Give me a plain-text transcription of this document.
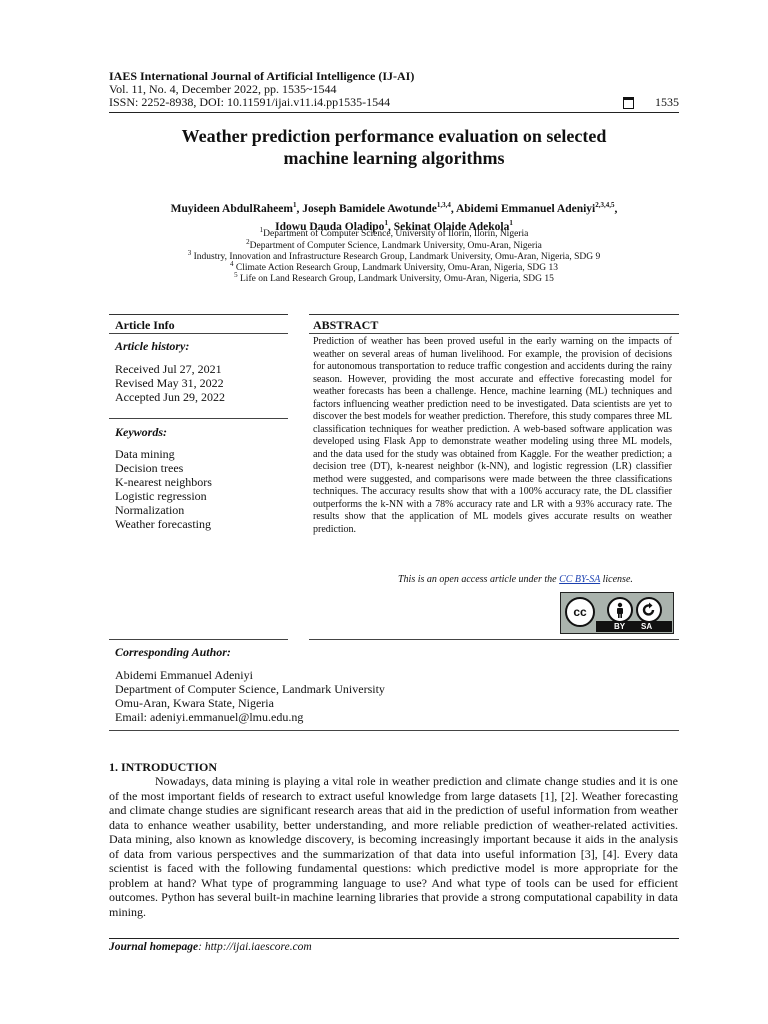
IAES International Journal of Artificial Intelligence (IJ-AI)
Vol. 11, No. 4, December 2022, pp. 1535~1544
ISSN: 2252-8938, DOI: 10.11591/ijai.v11.i4.pp1535-1544	1535
Weather prediction performance evaluation on selected
machine learning algorithms
Muyideen AbdulRaheem$^1$, Joseph Bamidele Awotunde$^{1,3,4}$, Abidemi Emmanuel Adeniyi$^{2,3,4,5}$,
Idowu Dauda Oladipo$^1$, Sekinat Olaide Adekola$^1$
$^1$Department of Computer Science, University of Ilorin, Ilorin, Nigeria
$^2$Department of Computer Science, Landmark University, Omu-Aran, Nigeria
$^3$ Industry, Innovation and Infrastructure Research Group, Landmark University, Omu-Aran, Nigeria, SDG 9
$^4$ Climate Action Research Group, Landmark University, Omu-Aran, Nigeria, SDG 13
$^5$ Life on Land Research Group, Landmark University, Omu-Aran, Nigeria, SDG 15
Article Info	ABSTRACT
Article history:
Received Jul 27, 2021
Revised May 31, 2022
Accepted Jun 29, 2022
Keywords:
Data mining
Decision trees
K-nearest neighbors
Logistic regression
Normalization
Weather forecasting
Prediction of weather has been proved useful in the early warning on the impacts of weather on several areas of human livelihood. For example, the provision of decisions for autonomous transportation to reduce traffic congestion and accidents during the rainy season. However, providing the most accurate and effective forecasting model for weather forecasts has been a challenge. Hence, machine learning (ML) techniques and factors influencing weather prediction need to be investigated. Data scientists are yet to discover the best models for weather prediction. Therefore, this study compares three ML classification techniques for weather prediction. A web-based software application was developed using Flask App to demonstrate weather modeling using three ML models, and the data used for the study was obtained from Kaggle. For the weather prediction; a decision tree (DT), k-nearest neighbor (k-NN), and logistic regression (LR) classifier method were suggested, and comparisons were made between the three classifications techniques. The accuracy results show that with a 100% accuracy rate, the DL classifier outperforms the k-NN with a 78% accuracy rate and LR with a 93% accuracy rate. The results show that the application of ML models gives accurate results on weather prediction.
This is an open access article under the CC BY-SA license.
cc
BY SA
Corresponding Author:
Abidemi Emmanuel Adeniyi
Department of Computer Science, Landmark University
Omu-Aran, Kwara State, Nigeria
Email: adeniyi.emmanuel@lmu.edu.ng
1. INTRODUCTION
Nowadays, data mining is playing a vital role in weather prediction and climate change studies and it is one of the most important fields of research to extract useful knowledge from large datasets [1], [2]. Weather forecasting and climate change studies are significant research areas that aid in the prediction of useful information from weather data to enhance weather usability, better understanding, and more reliable prediction of weather-related activities. Data mining, also known as knowledge discovery, is becoming increasingly important because it aids in the analysis of data from various perspectives and the summarization of that data into useful information [3], [4]. Every data scientist is faced with the following fundamental questions: which predictive model is more appropriate for the problem at hand? What type of programming language to use? And what type of tools can be used for efficient outcomes. Python has several built-in machine learning libraries that provide a strong computational capability in data mining.
Journal homepage: http://ijai.iaescore.com
